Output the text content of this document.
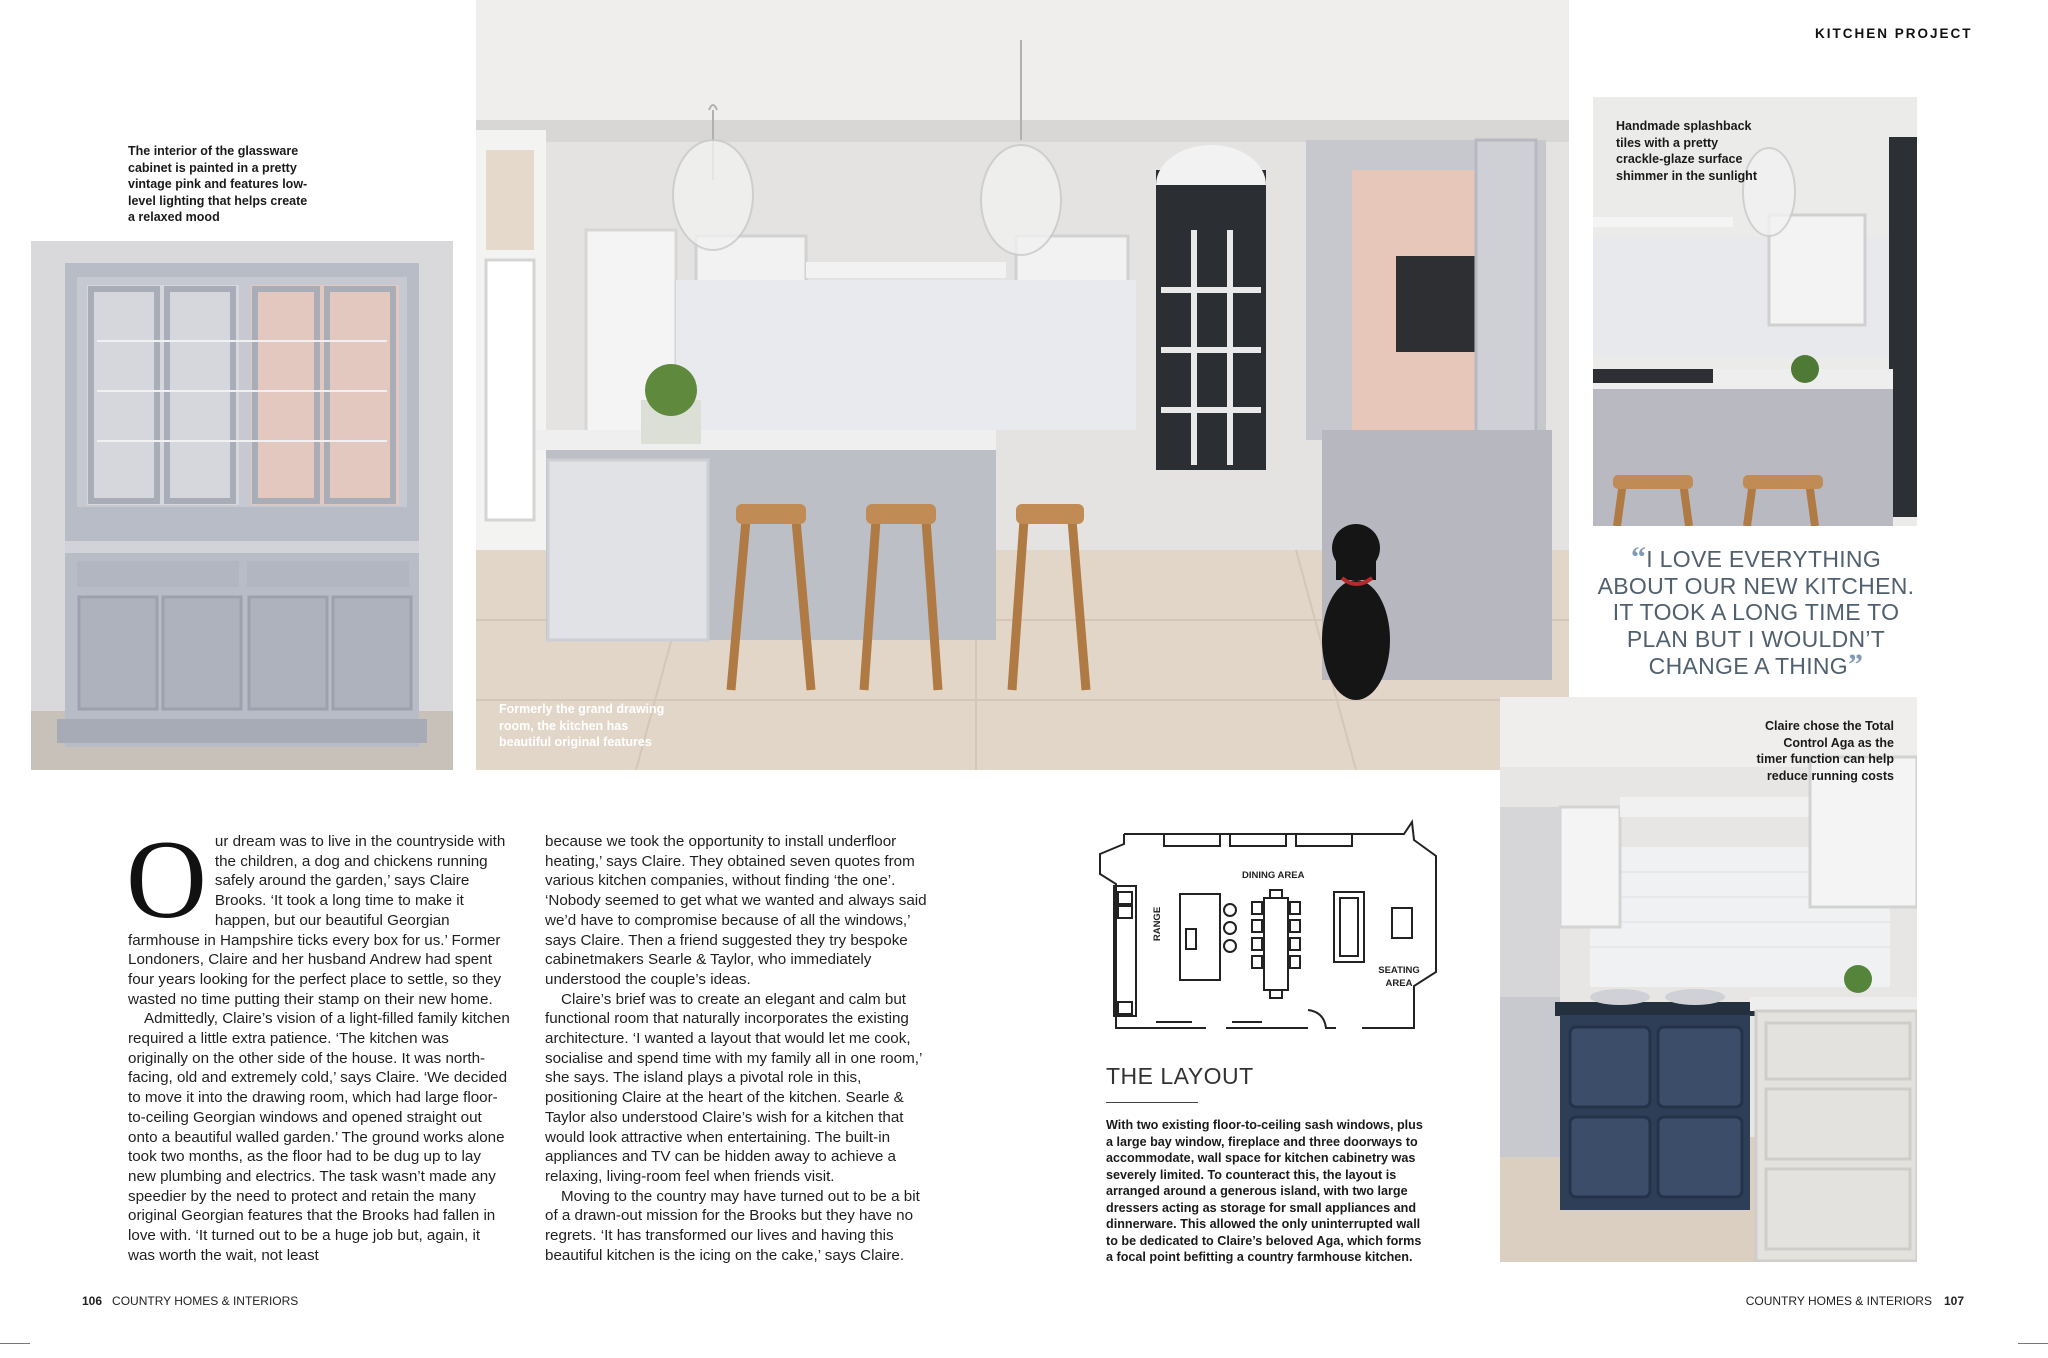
KITCHEN PROJECT
The interior of the glassware cabinet is painted in a pretty vintage pink and features low-level lighting that helps create a relaxed mood
Formerly the grand drawing room, the kitchen has beautiful original features
Handmade splashback tiles with a pretty crackle-glaze surface shimmer in the sunlight
“I LOVE EVERYTHING ABOUT OUR NEW KITCHEN. IT TOOK A LONG TIME TO PLAN BUT I WOULDN’T CHANGE A THING”
Claire chose the Total Control Aga as the timer function can help reduce running costs

Our dream was to live in the countryside with the children, a dog and chickens running safely around the garden,’ says Claire Brooks. ‘It took a long time to make it happen, but our beautiful Georgian farmhouse in Hampshire ticks every box for us.’ Former Londoners, Claire and her husband Andrew had spent four years looking for the perfect place to settle, so they wasted no time putting their stamp on their new home.

Admittedly, Claire’s vision of a light-filled family kitchen required a little extra patience. ‘The kitchen was originally on the other side of the house. It was north-facing, old and extremely cold,’ says Claire. ‘We decided to move it into the drawing room, which had large floor-to-ceiling Georgian windows and opened straight out onto a beautiful walled garden.’ The ground works alone took two months, as the floor had to be dug up to lay new plumbing and electrics. The task wasn’t made any speedier by the need to protect and retain the many original Georgian features that the Brooks had fallen in love with. ‘It turned out to be a huge job but, again, it was worth the wait, not least

because we took the opportunity to install underfloor heating,’ says Claire. They obtained seven quotes from various kitchen companies, without finding ‘the one’. ‘Nobody seemed to get what we wanted and always said we’d have to compromise because of all the windows,’ says Claire. Then a friend suggested they try bespoke cabinetmakers Searle & Taylor, who immediately understood the couple’s ideas.

Claire’s brief was to create an elegant and calm but functional room that naturally incorporates the existing architecture. ‘I wanted a layout that would let me cook, socialise and spend time with my family all in one room,’ she says. The island plays a pivotal role in this, positioning Claire at the heart of the kitchen. Searle & Taylor also understood Claire’s wish for a kitchen that would look attractive when entertaining. The built-in appliances and TV can be hidden away to achieve a relaxing, living-room feel when friends visit.

Moving to the country may have turned out to be a bit of a drawn-out mission for the Brooks but they have no regrets. ‘It has transformed our lives and having this beautiful kitchen is the icing on the cake,’ says Claire.

DINING AREA
RANGE
SEATING
AREA
THE LAYOUT
With two existing floor-to-ceiling sash windows, plus a large bay window, fireplace and three doorways to accommodate, wall space for kitchen cabinetry was severely limited. To counteract this, the layout is arranged around a generous island, with two large dressers acting as storage for small appliances and dinnerware. This allowed the only uninterrupted wall to be dedicated to Claire’s beloved Aga, which forms a focal point befitting a country farmhouse kitchen.
106 COUNTRY HOMES & INTERIORS	COUNTRY HOMES & INTERIORS 107
